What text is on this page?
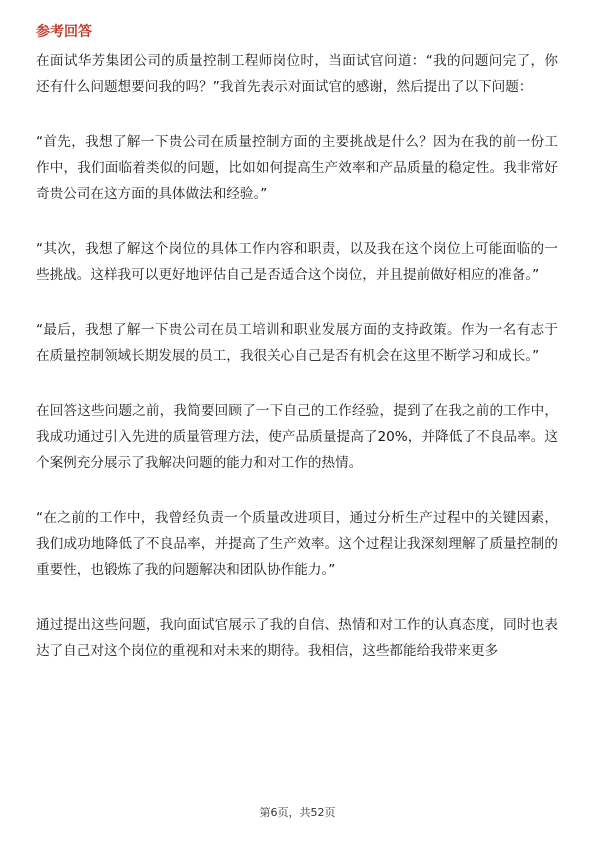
参考回答

在面试华芳集团公司的质量控制工程师岗位时，当面试官问道：“我的问题问完了，你还有什么问题想要问我的吗？”我首先表示对面试官的感谢，然后提出了以下问题：

“首先，我想了解一下贵公司在质量控制方面的主要挑战是什么？因为在我的前一份工作中，我们面临着类似的问题，比如如何提高生产效率和产品质量的稳定性。我非常好奇贵公司在这方面的具体做法和经验。”

“其次，我想了解这个岗位的具体工作内容和职责，以及我在这个岗位上可能面临的一些挑战。这样我可以更好地评估自己是否适合这个岗位，并且提前做好相应的准备。”

“最后，我想了解一下贵公司在员工培训和职业发展方面的支持政策。作为一名有志于在质量控制领域长期发展的员工，我很关心自己是否有机会在这里不断学习和成长。”

在回答这些问题之前，我简要回顾了一下自己的工作经验，提到了在我之前的工作中，我成功通过引入先进的质量管理方法，使产品质量提高了20%，并降低了不良品率。这个案例充分展示了我解决问题的能力和对工作的热情。

“在之前的工作中，我曾经负责一个质量改进项目，通过分析生产过程中的关键因素，我们成功地降低了不良品率，并提高了生产效率。这个过程让我深刻理解了质量控制的重要性，也锻炼了我的问题解决和团队协作能力。”

通过提出这些问题，我向面试官展示了我的自信、热情和对工作的认真态度，同时也表达了自己对这个岗位的重视和对未来的期待。我相信，这些都能给我带来更多

第6页，共52页
